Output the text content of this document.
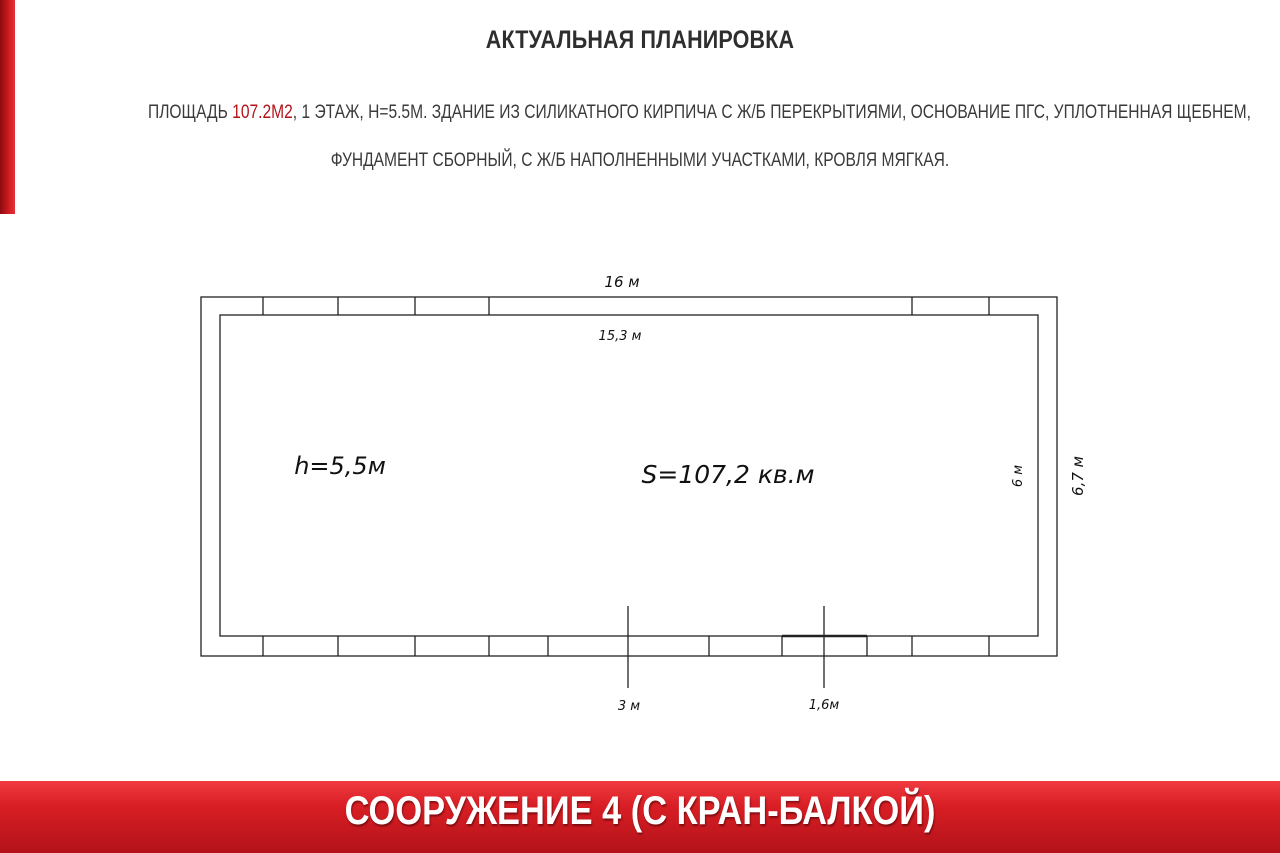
АКТУАЛЬНАЯ ПЛАНИРОВКА
ПЛОЩАДЬ 107.2М2, 1 ЭТАЖ, H=5.5М. ЗДАНИЕ ИЗ СИЛИКАТНОГО КИРПИЧА С Ж/Б ПЕРЕКРЫТИЯМИ, ОСНОВАНИЕ ПГС, УПЛОТНЕННАЯ ЩЕБНЕМ,
ФУНДАМЕНТ СБОРНЫЙ, С Ж/Б НАПОЛНЕННЫМИ УЧАСТКАМИ, КРОВЛЯ МЯГКАЯ.
16 м
15,3 м
h=5,5м	S=107,2 кв.м	6 м	6,7 м
3 м	1,6м
СООРУЖЕНИЕ 4 (С КРАН-БАЛКОЙ)
